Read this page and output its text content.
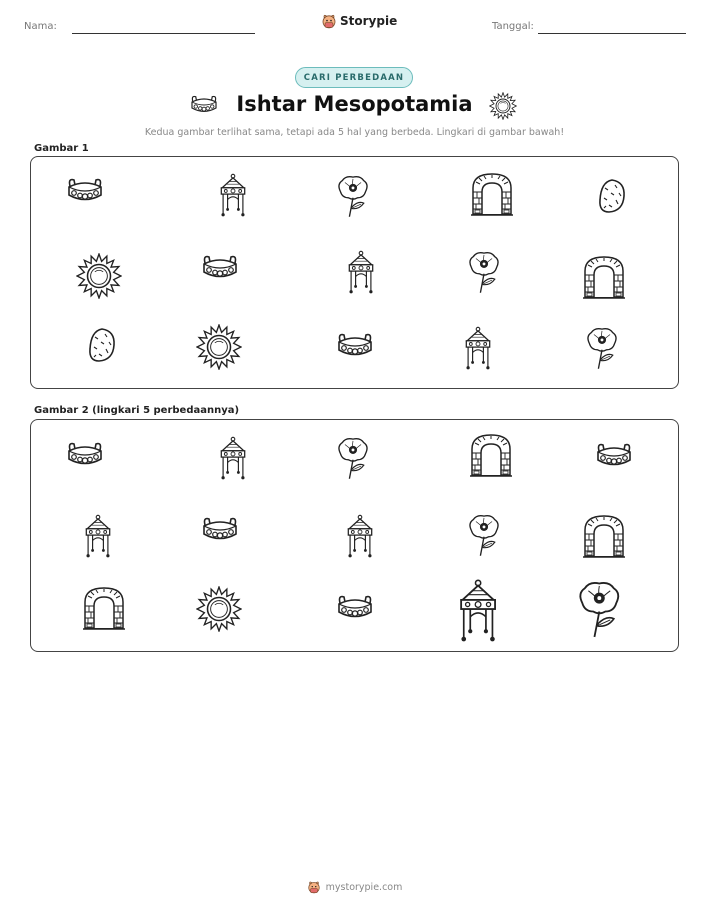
Nama:	Storypie	Tanggal:
CARI PERBEDAAN
Ishtar Mesopotamia
Kedua gambar terlihat sama, tetapi ada 5 hal yang berbeda. Lingkari di gambar bawah!
Gambar 1
Gambar 2 (lingkari 5 perbedaannya)
mystorypie.com
